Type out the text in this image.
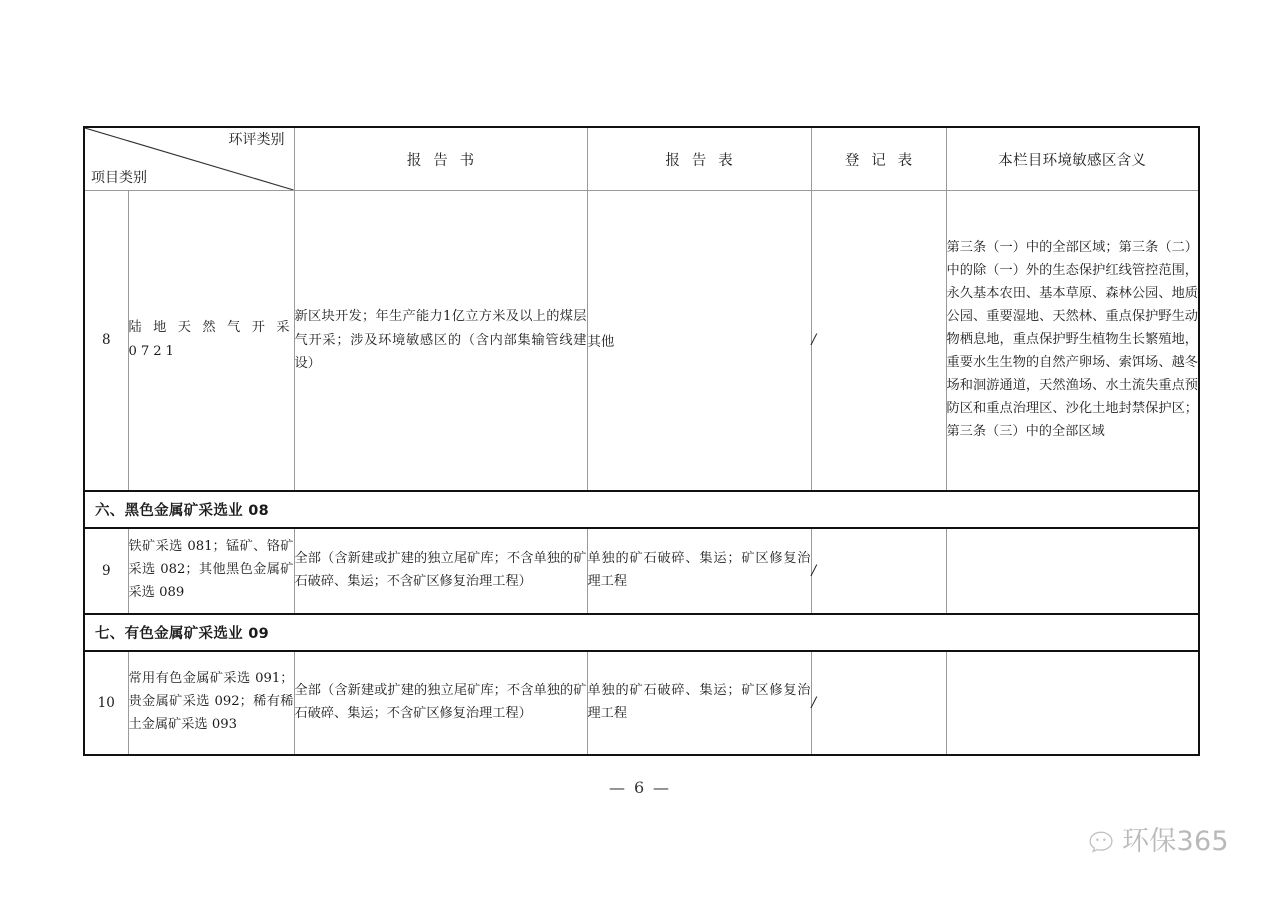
环评类别
项目类别		报 告 书	报 告 表	登 记 表	本栏目环境敏感区含义
8	陆地天然气开采 0721	新区块开发；年生产能力1亿立方米及以上的煤层气开采；涉及环境敏感区的（含内部集输管线建设）	其他	/	第三条（一）中的全部区域；第三条（二）中的除（一）外的生态保护红线管控范围，永久基本农田、基本草原、森林公园、地质公园、重要湿地、天然林、重点保护野生动物栖息地，重点保护野生植物生长繁殖地，重要水生生物的自然产卵场、索饵场、越冬场和洄游通道，天然渔场、水土流失重点预防区和重点治理区、沙化土地封禁保护区；第三条（三）中的全部区域
六、黑色金属矿采选业 08					
9	铁矿采选 081；锰矿、铬矿采选 082；其他黑色金属矿采选 089	全部（含新建或扩建的独立尾矿库；不含单独的矿石破碎、集运；不含矿区修复治理工程）	单独的矿石破碎、集运；矿区修复治理工程	/	
七、有色金属矿采选业 09					
10	常用有色金属矿采选 091；贵金属矿采选 092；稀有稀土金属矿采选 093	全部（含新建或扩建的独立尾矿库；不含单独的矿石破碎、集运；不含矿区修复治理工程）	单独的矿石破碎、集运；矿区修复治理工程	/	
— 6 —
环保365
